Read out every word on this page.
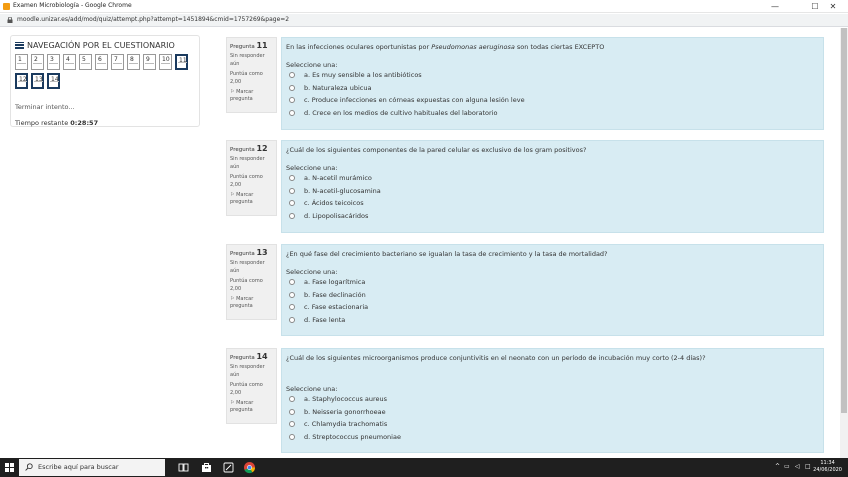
Examen Microbiología - Google Chrome	—	☐	✕
moodle.unizar.es/add/mod/quiz/attempt.php?attempt=1451894&cmid=1757269&page=2
NAVEGACIÓN POR EL CUESTIONARIO
1	2	3	4	5	6	7	8	9	10	11
12	13	14
Terminar intento...
Tiempo restante 0:28:57
Pregunta 11
Sin responder aún
Puntúa como 2,00
⚐ Marcar pregunta
En las infecciones oculares oportunistas por Pseudomonas aeruginosa son todas ciertas EXCEPTO
Seleccione una:
a. Es muy sensible a los antibióticos
b. Naturaleza ubicua
c. Produce infecciones en córneas expuestas con alguna lesión leve
d. Crece en los medios de cultivo habituales del laboratorio
Pregunta 12
Sin responder aún
Puntúa como 2,00
⚐ Marcar pregunta
¿Cuál de los siguientes componentes de la pared celular es exclusivo de los gram positivos?
Seleccione una:
a. N-acetil murámico
b. N-acetil-glucosamina
c. Ácidos teicoicos
d. Lipopolisacáridos
Pregunta 13
Sin responder aún
Puntúa como 2,00
⚐ Marcar pregunta
¿En qué fase del crecimiento bacteriano se igualan la tasa de crecimiento y la tasa de mortalidad?
Seleccione una:
a. Fase logarítmica
b. Fase declinación
c. Fase estacionaria
d. Fase lenta
Pregunta 14
Sin responder aún
Puntúa como 2,00
⚐ Marcar pregunta
¿Cuál de los siguientes microorganismos produce conjuntivitis en el neonato con un período de incubación muy corto (2-4 días)?
Seleccione una:
a. Staphylococcus aureus
b. Neisseria gonorrhoeae
c. Chlamydia trachomatis
d. Streptococcus pneumoniae
Escribe aquí para buscar	^ ▭ ◁ □	11:34
24/06/2020
